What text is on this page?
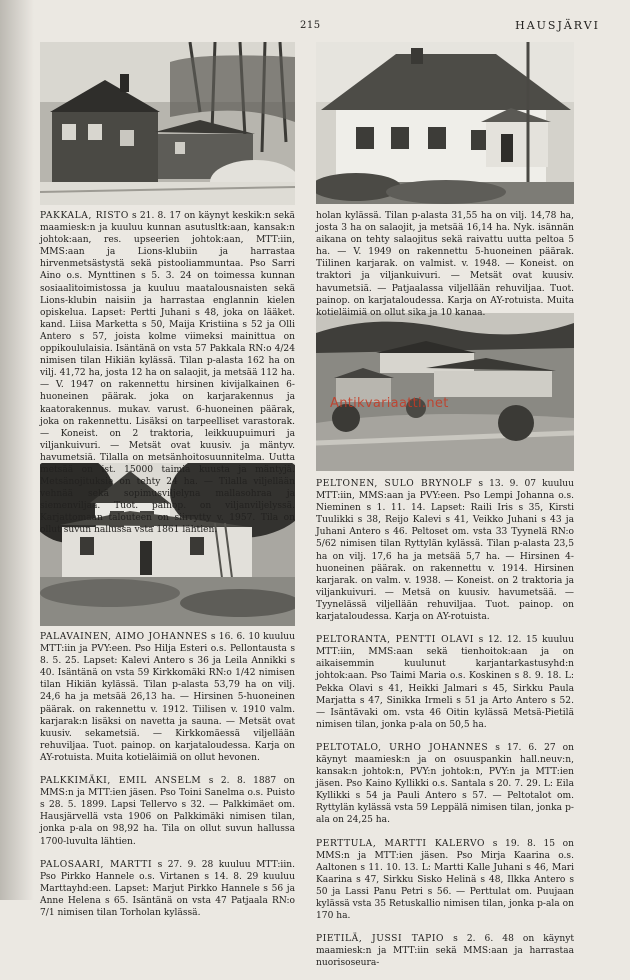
215	HAUSJÄRVI

PAKKALA, RISTO s 21. 8. 17 on käynyt keskik:n sekä maamiesk:n ja kuuluu kunnan asutusltk:aan, kansak:n johtok:aan, res. upseerien johtok:aan, MTT:iin, MMS:aan ja Lions-klubiin ja harrastaa hirvenmetsästystä sekä pistooliammuntaa. Pso Sarri Aino o.s. Mynttinen s 5. 3. 24 on toimessa kunnan sosiaalitoimistossa ja kuuluu maatalousnaisten sekä Lions-klubin naisiin ja harrastaa englannin kielen opiskelua. Lapset: Pertti Juhani s 48, joka on lääket. kand. Liisa Marketta s 50, Maija Kristiina s 52 ja Olli Antero s 57, joista kolme viimeksi mainittua on oppikoululaisia. Isäntänä on vsta 57 Pakkala RN:o 4/24 nimisen tilan Hikiän kylässä. Tilan p-alasta 162 ha on vilj. 41,72 ha, josta 12 ha on salaojit, ja metsää 112 ha. — V. 1947 on rakennettu hirsinen kivijalkainen 6-huoneinen päärak. joka on karjarakennus ja kaatorakennus. mukav. varust. 6-huoneinen päärak, joka on rakennettu. Lisäksi on tarpeelliset varastorak. — Koneist. on 2 traktoria, leikkuupuimuri ja viljankuivuri. — Metsät ovat kuusiv. ja mäntyv. havumetsiä. Tilalla on metsänhoitosuunnitelma. Uutta metsää on ist. 15000 taimia kuusta ja mäntyjä. Metsänojituksia on tehty 24 ha. — Tilalla viljellään vehnää sekä sopimusviljelyna mallasohraa ja siemenviljaa. Tuot. painop. on viljanviljelyssä. Karjattomaan talouteen on siirrytty v. 1957. Tila on ollut suvun hallussa vsta 1861 lähtien.

PALAVAINEN, AIMO JOHANNES s 16. 6. 10 kuuluu MTT:iin ja PVY:een. Pso Hilja Esteri o.s. Pellontausta s 8. 5. 25. Lapset: Kalevi Antero s 36 ja Leila Annikki s 40. Isäntänä on vsta 59 Kirkkomäki RN:o 1/42 nimisen tilan Hikiän kylässä. Tilan p-alasta 53,79 ha on vilj. 24,6 ha ja metsää 26,13 ha. — Hirsinen 5-huoneinen päärak. on rakennettu v. 1912. Tiilisen v. 1910 valm. karjarak:n lisäksi on navetta ja sauna. — Metsät ovat kuusiv. sekametsiä. — Kirkkomäessä viljellään rehuviljaa. Tuot. painop. on karjataloudessa. Karja on AY-rotuista. Muita kotieläimiä on ollut hevonen.

PALKKIMÄKI, EMIL ANSELM s 2. 8. 1887 on MMS:n ja MTT:ien jäsen. Pso Toini Sanelma o.s. Puisto s 28. 5. 1899. Lapsi Tellervo s 32. — Palkkimäet om. Hausjärvellä vsta 1906 on Palkkimäki nimisen tilan, jonka p-ala on 98,92 ha. Tila on ollut suvun hallussa 1700-luvulta lähtien.

PALOSAARI, MARTTI s 27. 9. 28 kuuluu MTT:iin. Pso Pirkko Hannele o.s. Virtanen s 14. 8. 29 kuuluu Marttayhd:een. Lapset: Marjut Pirkko Hannele s 56 ja Anne Helena s 65. Isäntänä on vsta 47 Patjaala RN:o 7/1 nimisen tilan Torholan kylässä.

holan kylässä. Tilan p-alasta 31,55 ha on vilj. 14,78 ha, josta 3 ha on salaojit, ja metsää 16,14 ha. Nyk. isännän aikana on tehty salaojitus sekä raivattu uutta peltoa 5 ha. — V. 1949 on rakennettu 5-huoneinen päärak. Tiilinen karjarak. on valmist. v. 1948. — Koneist. on traktori ja viljankuivuri. — Metsät ovat kuusiv. havumetsiä. — Patjaalassa viljellään rehuviljaa. Tuot. painop. on karjataloudessa. Karja on AY-rotuista. Muita kotieläimiä on ollut sika ja 10 kanaa.

PELTONEN, SULO BRYNOLF s 13. 9. 07 kuuluu MTT:iin, MMS:aan ja PVY:een. Pso Lempi Johanna o.s. Nieminen s 1. 11. 14. Lapset: Raili Iris s 35, Kirsti Tuulikki s 38, Reijo Kalevi s 41, Veikko Juhani s 43 ja Juhani Antero s 46. Peltoset om. vsta 33 Tyynelä RN:o 5/62 nimisen tilan Ryttylän kylässä. Tilan p-alasta 23,5 ha on vilj. 17,6 ha ja metsää 5,7 ha. — Hirsinen 4-huoneinen päärak. on rakennettu v. 1914. Hirsinen karjarak. on valm. v. 1938. — Koneist. on 2 traktoria ja viljankuivuri. — Metsä on kuusiv. havumetsää. — Tyynelässä viljellään rehuviljaa. Tuot. painop. on karjataloudessa. Karja on AY-rotuista.

PELTORANTA, PENTTI OLAVI s 12. 12. 15 kuuluu MTT:iin, MMS:aan sekä tienhoitok:aan ja on aikaisemmin kuulunut karjantarkastusyhd:n johtok:aan. Pso Taimi Maria o.s. Koskinen s 8. 9. 18. L: Pekka Olavi s 41, Heikki Jalmari s 45, Sirkku Paula Marjatta s 47, Sinikka Irmeli s 51 ja Arto Antero s 52. — Isäntävaki om. vsta 46 Oitin kylässä Metsä-Pietilä nimisen tilan, jonka p-ala on 50,5 ha.

PELTOTALO, URHO JOHANNES s 17. 6. 27 on käynyt maamiesk:n ja on osuuspankin hall.neuv:n, kansak:n johtok:n, PVY:n johtok:n, PVY:n ja MTT:ien jäsen. Pso Kaino Kyllikki o.s. Santala s 20. 7. 29. L: Eila Kyllikki s 54 ja Pauli Antero s 57. — Peltotalot om. Ryttylän kylässä vsta 59 Leppälä nimisen tilan, jonka p-ala on 24,25 ha.

PERTTULA, MARTTI KALERVO s 19. 8. 15 on MMS:n ja MTT:ien jäsen. Pso Mirja Kaarina o.s. Aaltonen s 11. 10. 13. L: Martti Kalle Juhani s 46, Mari Kaarina s 47, Sirkku Sisko Helinä s 48, Ilkka Antero s 50 ja Lassi Panu Petri s 56. — Perttulat om. Puujaan kylässä vsta 35 Retuskallio nimisen tilan, jonka p-ala on 170 ha.

PIETILÄ, JUSSI TAPIO s 2. 6. 48 on käynyt maamiesk:n ja MTT:iin sekä MMS:aan ja harrastaa nuorisoseura-

Antikvariaatti.net
